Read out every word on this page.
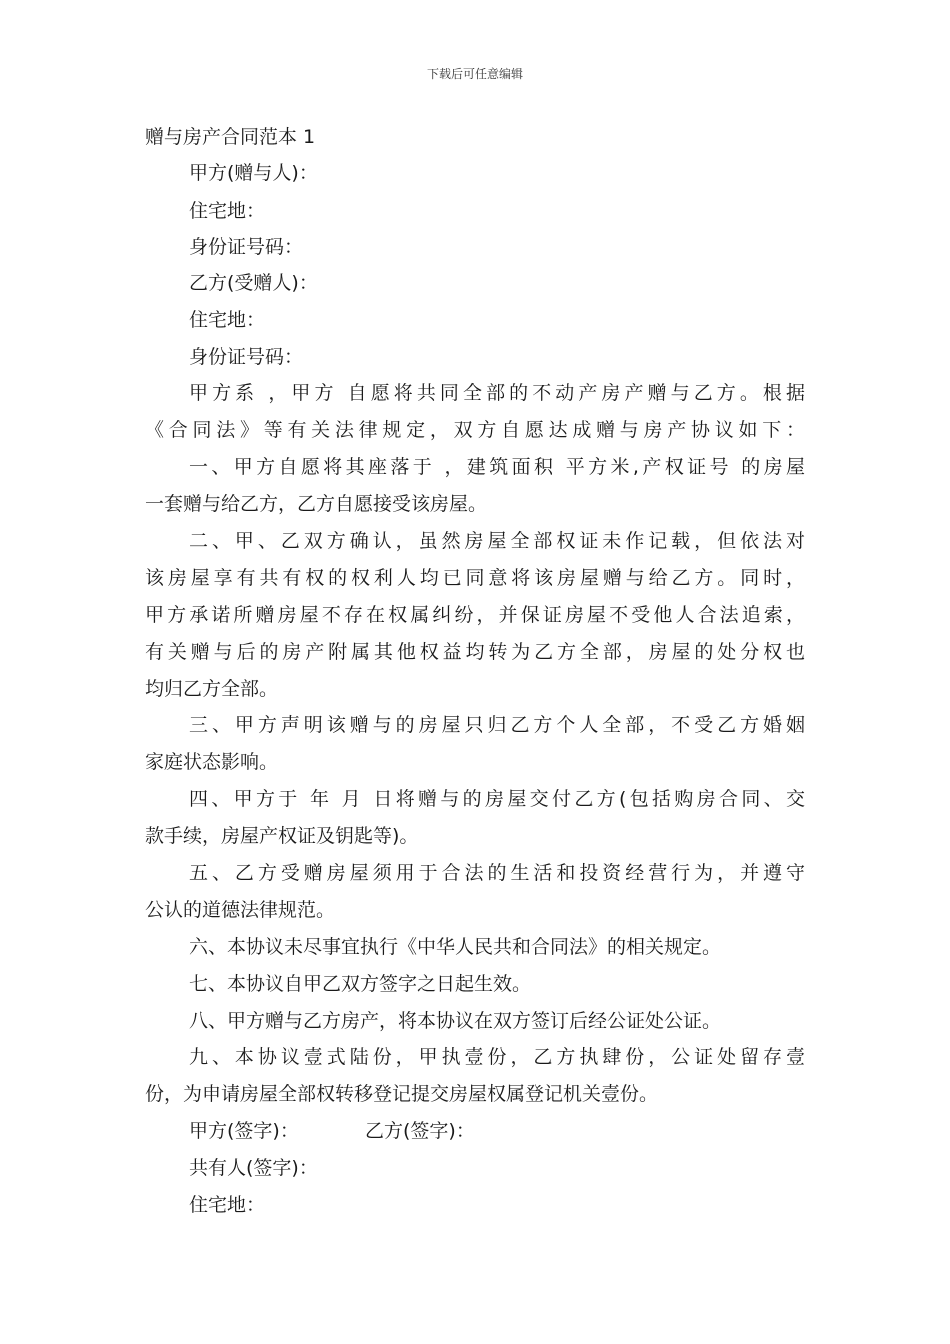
下载后可任意编辑
赠与房产合同范本 1
甲方(赠与人)：
住宅地：
身份证号码：
乙方(受赠人)：
住宅地：
身份证号码：
甲方系 ，甲方 自愿将共同全部的不动产房产赠与乙方。根据
《合同法》等有关法律规定，双方自愿达成赠与房产协议如下：
一、甲方自愿将其座落于 ，建筑面积 平方米,产权证号 的房屋
一套赠与给乙方，乙方自愿接受该房屋。
二、甲、乙双方确认，虽然房屋全部权证未作记载，但依法对
该房屋享有共有权的权利人均已同意将该房屋赠与给乙方。同时，
甲方承诺所赠房屋不存在权属纠纷，并保证房屋不受他人合法追索，
有关赠与后的房产附属其他权益均转为乙方全部，房屋的处分权也
均归乙方全部。
三、甲方声明该赠与的房屋只归乙方个人全部，不受乙方婚姻
家庭状态影响。
四、甲方于 年 月 日将赠与的房屋交付乙方(包括购房合同、交
款手续，房屋产权证及钥匙等)。
五、乙方受赠房屋须用于合法的生活和投资经营行为，并遵守
公认的道德法律规范。
六、本协议未尽事宜执行《中华人民共和合同法》的相关规定。
七、本协议自甲乙双方签字之日起生效。
八、甲方赠与乙方房产，将本协议在双方签订后经公证处公证。
九、本协议壹式陆份，甲执壹份，乙方执肆份，公证处留存壹
份，为申请房屋全部权转移登记提交房屋权属登记机关壹份。
甲方(签字)：	乙方(签字)：
共有人(签字)：
住宅地：
